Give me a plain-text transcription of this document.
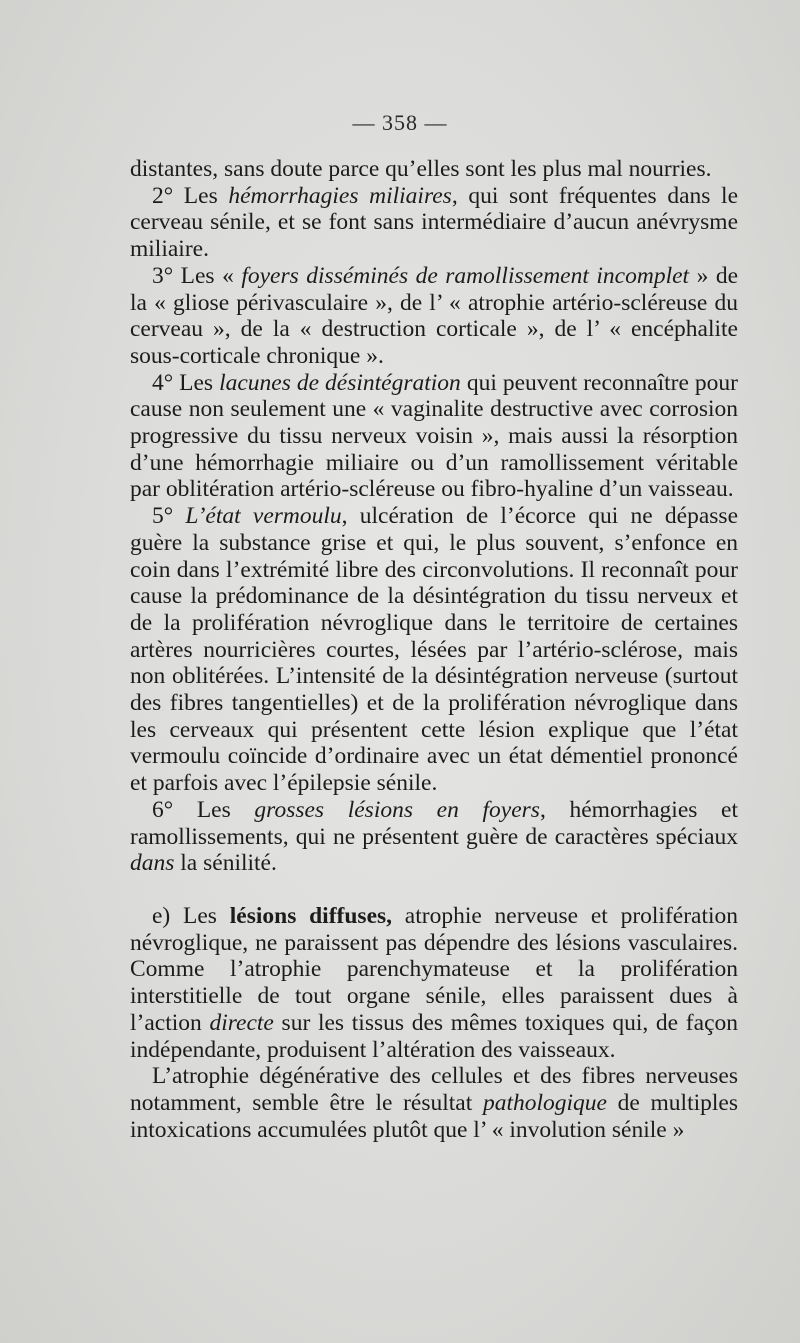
— 358 —

distantes, sans doute parce qu’elles sont les plus mal nourries.

2° Les hémorrhagies miliaires, qui sont fréquentes dans le cerveau sénile, et se font sans intermédiaire d’aucun anévrysme miliaire.

3° Les « foyers disséminés de ramollissement incomplet » de la « gliose périvasculaire », de l’ « atrophie artério-scléreuse du cerveau », de la « destruction corticale », de l’ « encéphalite sous-corticale chronique ».

4° Les lacunes de désintégration qui peuvent reconnaître pour cause non seulement une « vaginalite destructive avec corrosion progressive du tissu nerveux voisin », mais aussi la résorption d’une hémorrhagie miliaire ou d’un ramollissement véritable par oblitération artério-scléreuse ou fibro-hyaline d’un vaisseau.

5° L’état vermoulu, ulcération de l’écorce qui ne dépasse guère la substance grise et qui, le plus souvent, s’enfonce en coin dans l’extrémité libre des circonvolutions. Il reconnaît pour cause la prédominance de la désintégration du tissu nerveux et de la prolifération névroglique dans le territoire de certaines artères nourricières courtes, lésées par l’artério-sclérose, mais non oblitérées. L’intensité de la désintégration nerveuse (surtout des fibres tangentielles) et de la prolifération névroglique dans les cerveaux qui présentent cette lésion explique que l’état vermoulu coïncide d’ordinaire avec un état démentiel prononcé et parfois avec l’épilepsie sénile.

6° Les grosses lésions en foyers, hémorrhagies et ramollissements, qui ne présentent guère de caractères spéciaux dans la sénilité.

e) Les lésions diffuses, atrophie nerveuse et prolifération névroglique, ne paraissent pas dépendre des lésions vasculaires. Comme l’atrophie parenchymateuse et la prolifération interstitielle de tout organe sénile, elles paraissent dues à l’action directe sur les tissus des mêmes toxiques qui, de façon indépendante, produisent l’altération des vaisseaux.

L’atrophie dégénérative des cellules et des fibres nerveuses notamment, semble être le résultat pathologique de multiples intoxications accumulées plutôt que l’ « involution sénile »
